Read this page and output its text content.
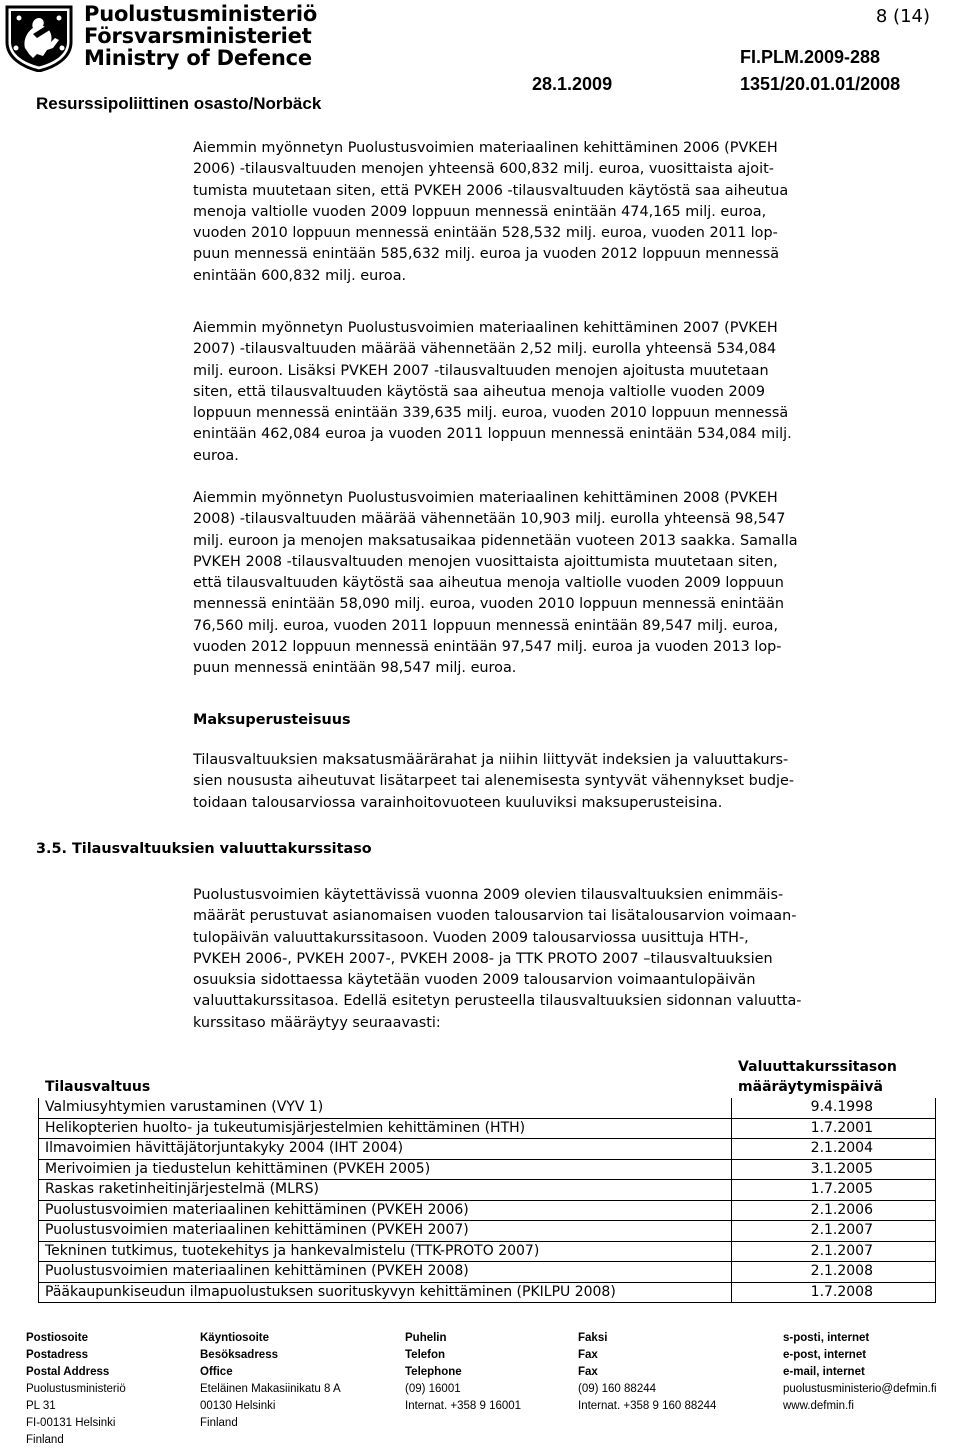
Puolustusministeriö
Försvarsministeriet
Ministry of Defence
8 (14)
FI.PLM.2009-288
28.1.2009	1351/20.01.01/2008
Resurssipoliittinen osasto/Norbäck
Aiemmin myönnetyn Puolustusvoimien materiaalinen kehittäminen 2006 (PVKEH
2006) -tilausvaltuuden menojen yhteensä 600,832 milj. euroa, vuosittaista ajoit-
tumista muutetaan siten, että PVKEH 2006 -tilausvaltuuden käytöstä saa aiheutua
menoja valtiolle vuoden 2009 loppuun mennessä enintään 474,165 milj. euroa,
vuoden 2010 loppuun mennessä enintään 528,532 milj. euroa, vuoden 2011 lop-
puun mennessä enintään 585,632 milj. euroa ja vuoden 2012 loppuun mennessä
enintään 600,832 milj. euroa.
Aiemmin myönnetyn Puolustusvoimien materiaalinen kehittäminen 2007 (PVKEH
2007) -tilausvaltuuden määrää vähennetään 2,52 milj. eurolla yhteensä 534,084
milj. euroon. Lisäksi PVKEH 2007 -tilausvaltuuden menojen ajoitusta muutetaan
siten, että tilausvaltuuden käytöstä saa aiheutua menoja valtiolle vuoden 2009
loppuun mennessä enintään 339,635 milj. euroa, vuoden 2010 loppuun mennessä
enintään 462,084 euroa ja vuoden 2011 loppuun mennessä enintään 534,084 milj.
euroa.
Aiemmin myönnetyn Puolustusvoimien materiaalinen kehittäminen 2008 (PVKEH
2008) -tilausvaltuuden määrää vähennetään 10,903 milj. eurolla yhteensä 98,547
milj. euroon ja menojen maksatusaikaa pidennetään vuoteen 2013 saakka. Samalla
PVKEH 2008 -tilausvaltuuden menojen vuosittaista ajoittumista muutetaan siten,
että tilausvaltuuden käytöstä saa aiheutua menoja valtiolle vuoden 2009 loppuun
mennessä enintään 58,090 milj. euroa, vuoden 2010 loppuun mennessä enintään
76,560 milj. euroa, vuoden 2011 loppuun mennessä enintään 89,547 milj. euroa,
vuoden 2012 loppuun mennessä enintään 97,547 milj. euroa ja vuoden 2013 lop-
puun mennessä enintään 98,547 milj. euroa.
Maksuperusteisuus
Tilausvaltuuksien maksatusmäärärahat ja niihin liittyvät indeksien ja valuuttakurs-
sien noususta aiheutuvat lisätarpeet tai alenemisesta syntyvät vähennykset budje-
toidaan talousarviossa varainhoitovuoteen kuuluviksi maksuperusteisina.
3.5. Tilausvaltuuksien valuuttakurssitaso
Puolustusvoimien käytettävissä vuonna 2009 olevien tilausvaltuuksien enimmäis-
määrät perustuvat asianomaisen vuoden talousarvion tai lisätalousarvion voimaan-
tulopäivän valuuttakurssitasoon. Vuoden 2009 talousarviossa uusittuja HTH-,
PVKEH 2006-, PVKEH 2007-, PVKEH 2008- ja TTK PROTO 2007 –tilausvaltuuksien
osuuksia sidottaessa käytetään vuoden 2009 talousarvion voimaantulopäivän
valuuttakurssitasoa. Edellä esitetyn perusteella tilausvaltuuksien sidonnan valuutta-
kurssitaso määräytyy seuraavasti:
Tilausvaltuus	Valuuttakurssitason
määräytymispäivä

Valmiusyhtymien varustaminen (VYV 1)	9.4.1998
Helikopterien huolto- ja tukeutumisjärjestelmien kehittäminen (HTH)	1.7.2001
Ilmavoimien hävittäjätorjuntakyky 2004 (IHT 2004)	2.1.2004
Merivoimien ja tiedustelun kehittäminen (PVKEH 2005)	3.1.2005
Raskas raketinheitinjärjestelmä (MLRS)	1.7.2005
Puolustusvoimien materiaalinen kehittäminen (PVKEH 2006)	2.1.2006
Puolustusvoimien materiaalinen kehittäminen (PVKEH 2007)	2.1.2007
Tekninen tutkimus, tuotekehitys ja hankevalmistelu (TTK-PROTO 2007)	2.1.2007
Puolustusvoimien materiaalinen kehittäminen (PVKEH 2008)	2.1.2008
Pääkaupunkiseudun ilmapuolustuksen suorituskyvyn kehittäminen (PKILPU 2008)	1.7.2008
Postiosoite
Postadress
Postal Address
Puolustusministeriö
PL 31
FI-00131 Helsinki
Finland
Käyntiosoite
Besöksadress
Office
Eteläinen Makasiinikatu 8 A
00130 Helsinki
Finland
Puhelin
Telefon
Telephone
(09) 16001
Internat. +358 9 16001
Faksi
Fax
Fax
(09) 160 88244
Internat. +358 9 160 88244
s-posti, internet
e-post, internet
e-mail, internet
puolustusministerio@defmin.fi
www.defmin.fi
